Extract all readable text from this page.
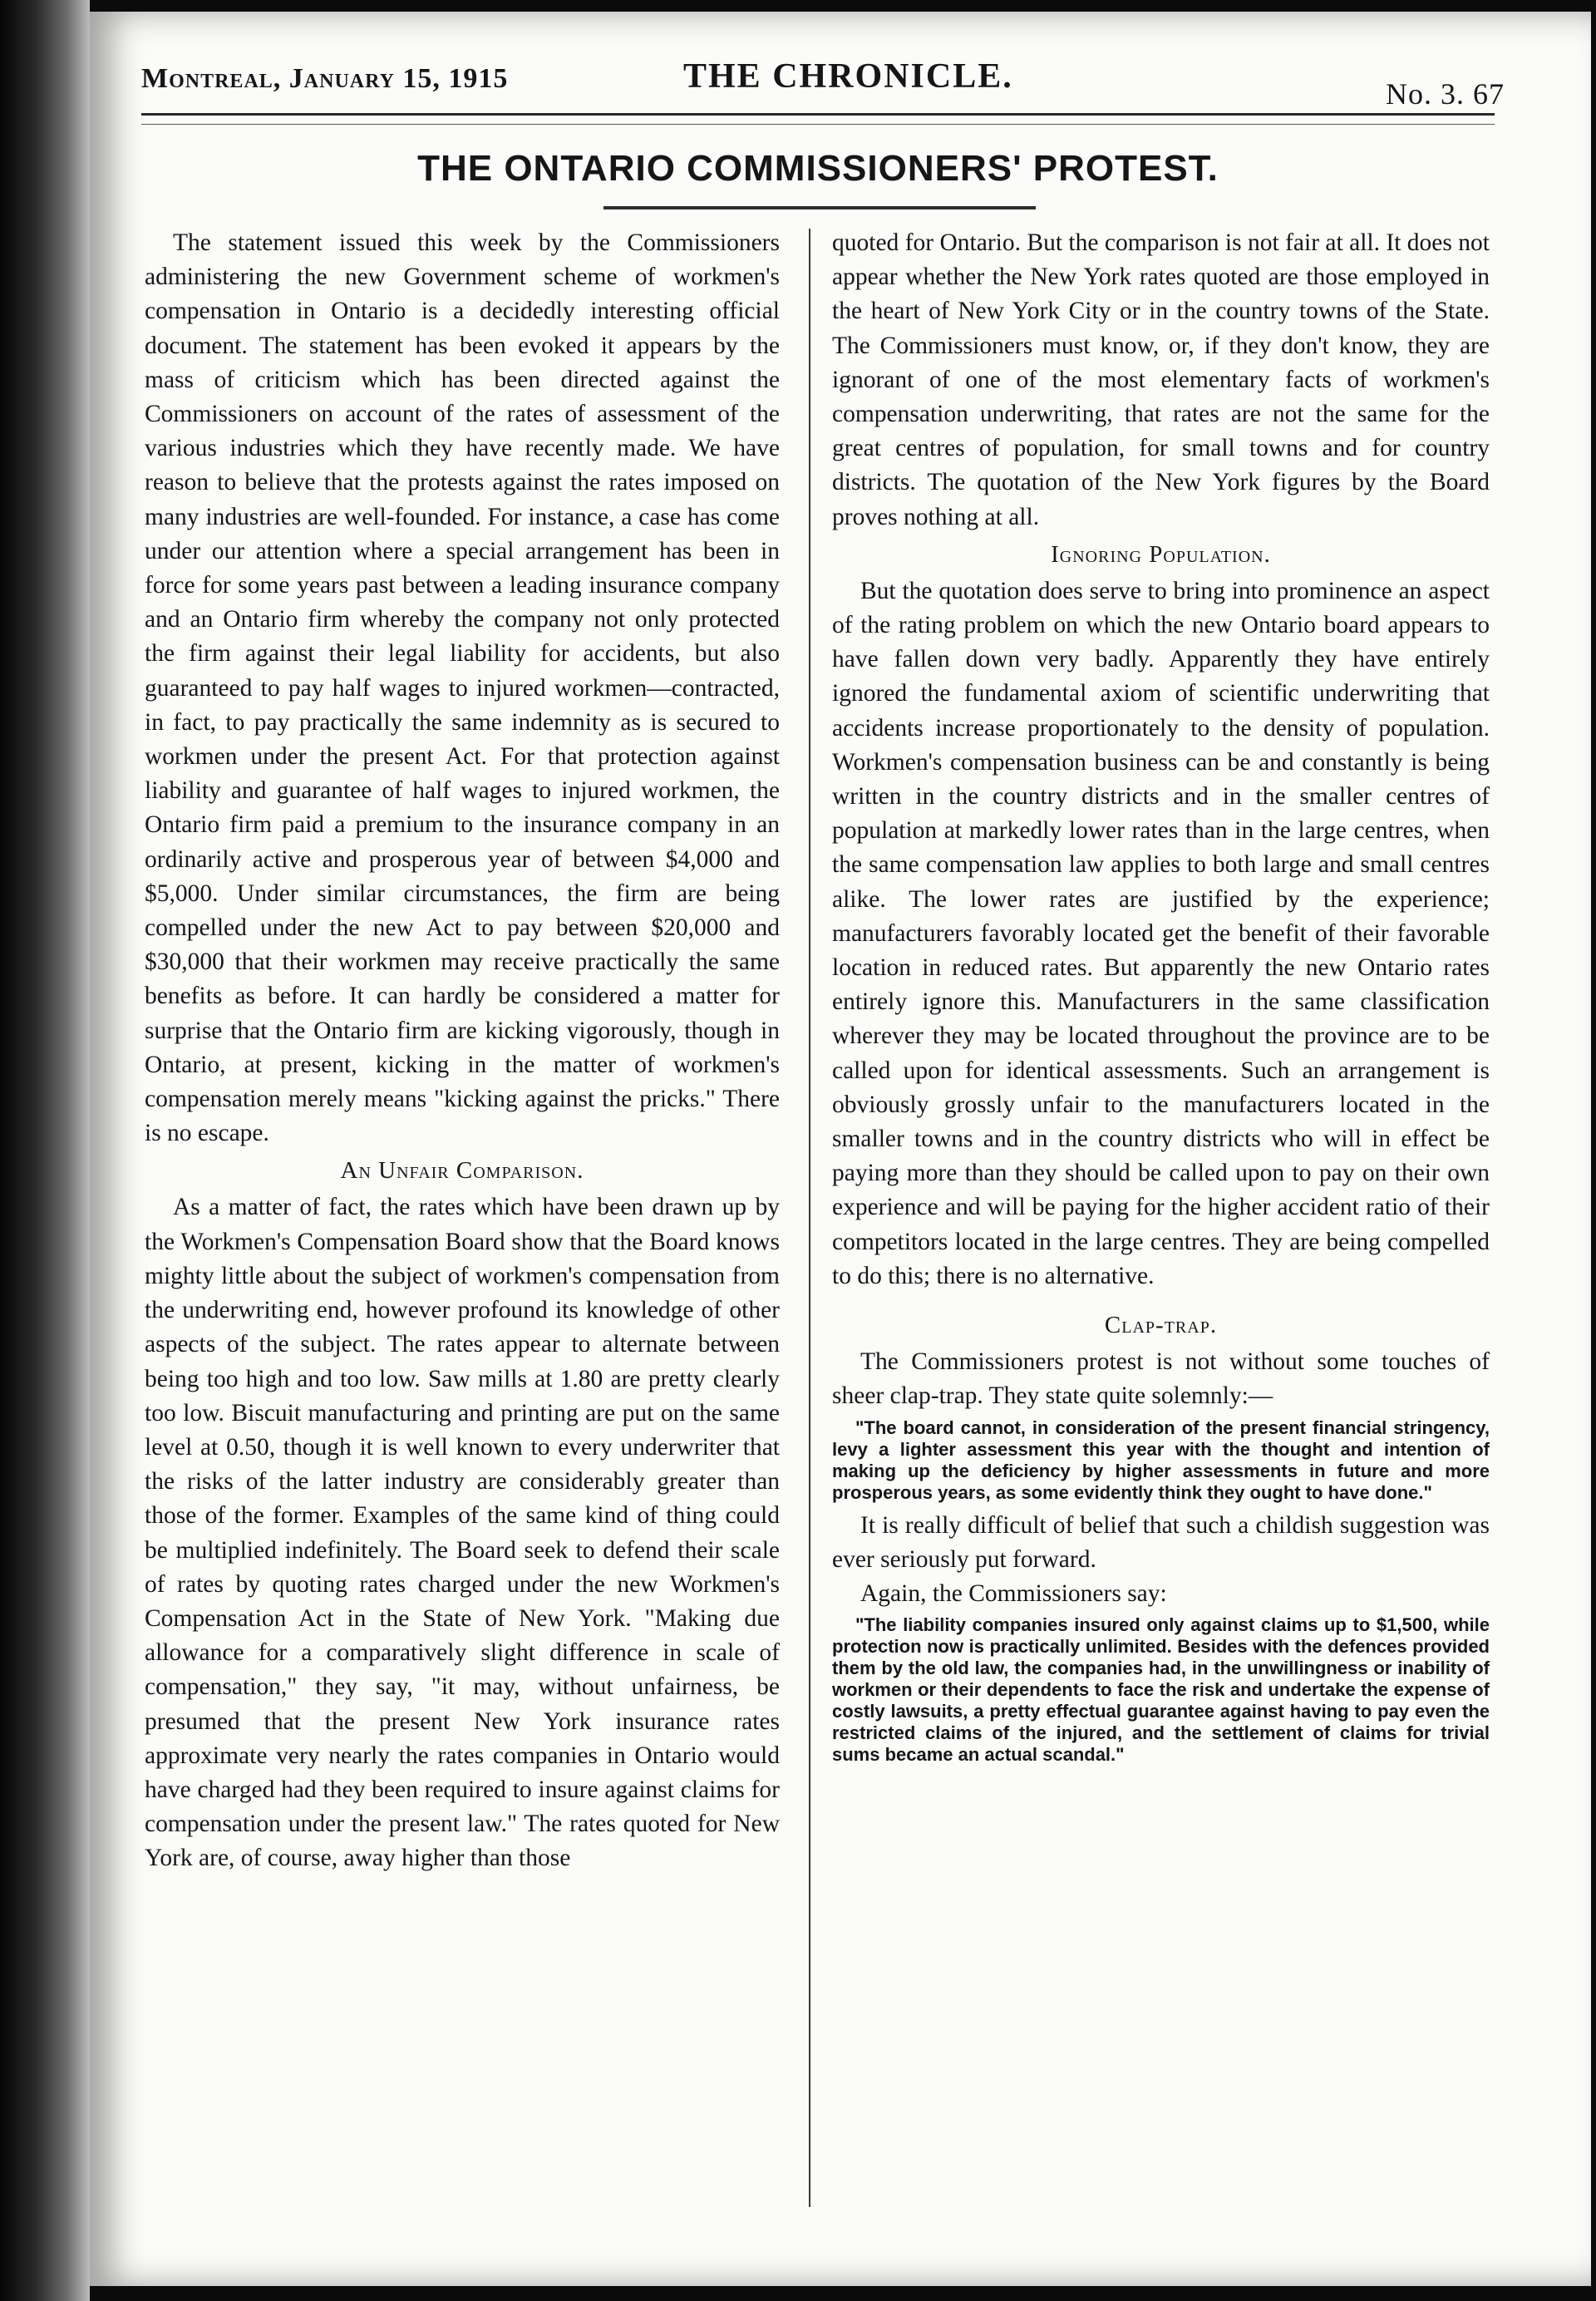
Montreal, January 15, 1915	THE CHRONICLE.	No. 3. 67
THE ONTARIO COMMISSIONERS' PROTEST.

The statement issued this week by the Commissioners administering the new Government scheme of workmen's compensation in Ontario is a decidedly interesting official document. The statement has been evoked it appears by the mass of criticism which has been directed against the Commissioners on account of the rates of assessment of the various industries which they have recently made. We have reason to believe that the protests against the rates imposed on many industries are well-founded. For instance, a case has come under our attention where a special arrangement has been in force for some years past between a leading insurance company and an Ontario firm whereby the company not only protected the firm against their legal liability for accidents, but also guaranteed to pay half wages to injured workmen—contracted, in fact, to pay practically the same indemnity as is secured to workmen under the present Act. For that protection against liability and guarantee of half wages to injured workmen, the Ontario firm paid a premium to the insurance company in an ordinarily active and prosperous year of between $4,000 and $5,000. Under similar circumstances, the firm are being compelled under the new Act to pay between $20,000 and $30,000 that their workmen may receive practically the same benefits as before. It can hardly be considered a matter for surprise that the Ontario firm are kicking vigorously, though in Ontario, at present, kicking in the matter of workmen's compensation merely means "kicking against the pricks." There is no escape.

An Unfair Comparison.

As a matter of fact, the rates which have been drawn up by the Workmen's Compensation Board show that the Board knows mighty little about the subject of workmen's compensation from the underwriting end, however profound its knowledge of other aspects of the subject. The rates appear to alternate between being too high and too low. Saw mills at 1.80 are pretty clearly too low. Biscuit manufacturing and printing are put on the same level at 0.50, though it is well known to every underwriter that the risks of the latter industry are considerably greater than those of the former. Examples of the same kind of thing could be multiplied indefinitely. The Board seek to defend their scale of rates by quoting rates charged under the new Workmen's Compensation Act in the State of New York. "Making due allowance for a comparatively slight difference in scale of compensation," they say, "it may, without unfairness, be presumed that the present New York insurance rates approximate very nearly the rates companies in Ontario would have charged had they been required to insure against claims for compensation under the present law." The rates quoted for New York are, of course, away higher than those

quoted for Ontario. But the comparison is not fair at all. It does not appear whether the New York rates quoted are those employed in the heart of New York City or in the country towns of the State. The Commissioners must know, or, if they don't know, they are ignorant of one of the most elementary facts of workmen's compensation underwriting, that rates are not the same for the great centres of population, for small towns and for country districts. The quotation of the New York figures by the Board proves nothing at all.

Ignoring Population.

But the quotation does serve to bring into prominence an aspect of the rating problem on which the new Ontario board appears to have fallen down very badly. Apparently they have entirely ignored the fundamental axiom of scientific underwriting that accidents increase proportionately to the density of population. Workmen's compensation business can be and constantly is being written in the country districts and in the smaller centres of population at markedly lower rates than in the large centres, when the same compensation law applies to both large and small centres alike. The lower rates are justified by the experience; manufacturers favorably located get the benefit of their favorable location in reduced rates. But apparently the new Ontario rates entirely ignore this. Manufacturers in the same classification wherever they may be located throughout the province are to be called upon for identical assessments. Such an arrangement is obviously grossly unfair to the manufacturers located in the smaller towns and in the country districts who will in effect be paying more than they should be called upon to pay on their own experience and will be paying for the higher accident ratio of their competitors located in the large centres. They are being compelled to do this; there is no alternative.

Clap-trap.

The Commissioners protest is not without some touches of sheer clap-trap. They state quite solemnly:—

"The board cannot, in consideration of the present financial stringency, levy a lighter assessment this year with the thought and intention of making up the deficiency by higher assessments in future and more prosperous years, as some evidently think they ought to have done."

It is really difficult of belief that such a childish suggestion was ever seriously put forward.

Again, the Commissioners say:

"The liability companies insured only against claims up to $1,500, while protection now is practically unlimited. Besides with the defences provided them by the old law, the companies had, in the unwillingness or inability of workmen or their dependents to face the risk and undertake the expense of costly lawsuits, a pretty effectual guarantee against having to pay even the restricted claims of the injured, and the settlement of claims for trivial sums became an actual scandal."
